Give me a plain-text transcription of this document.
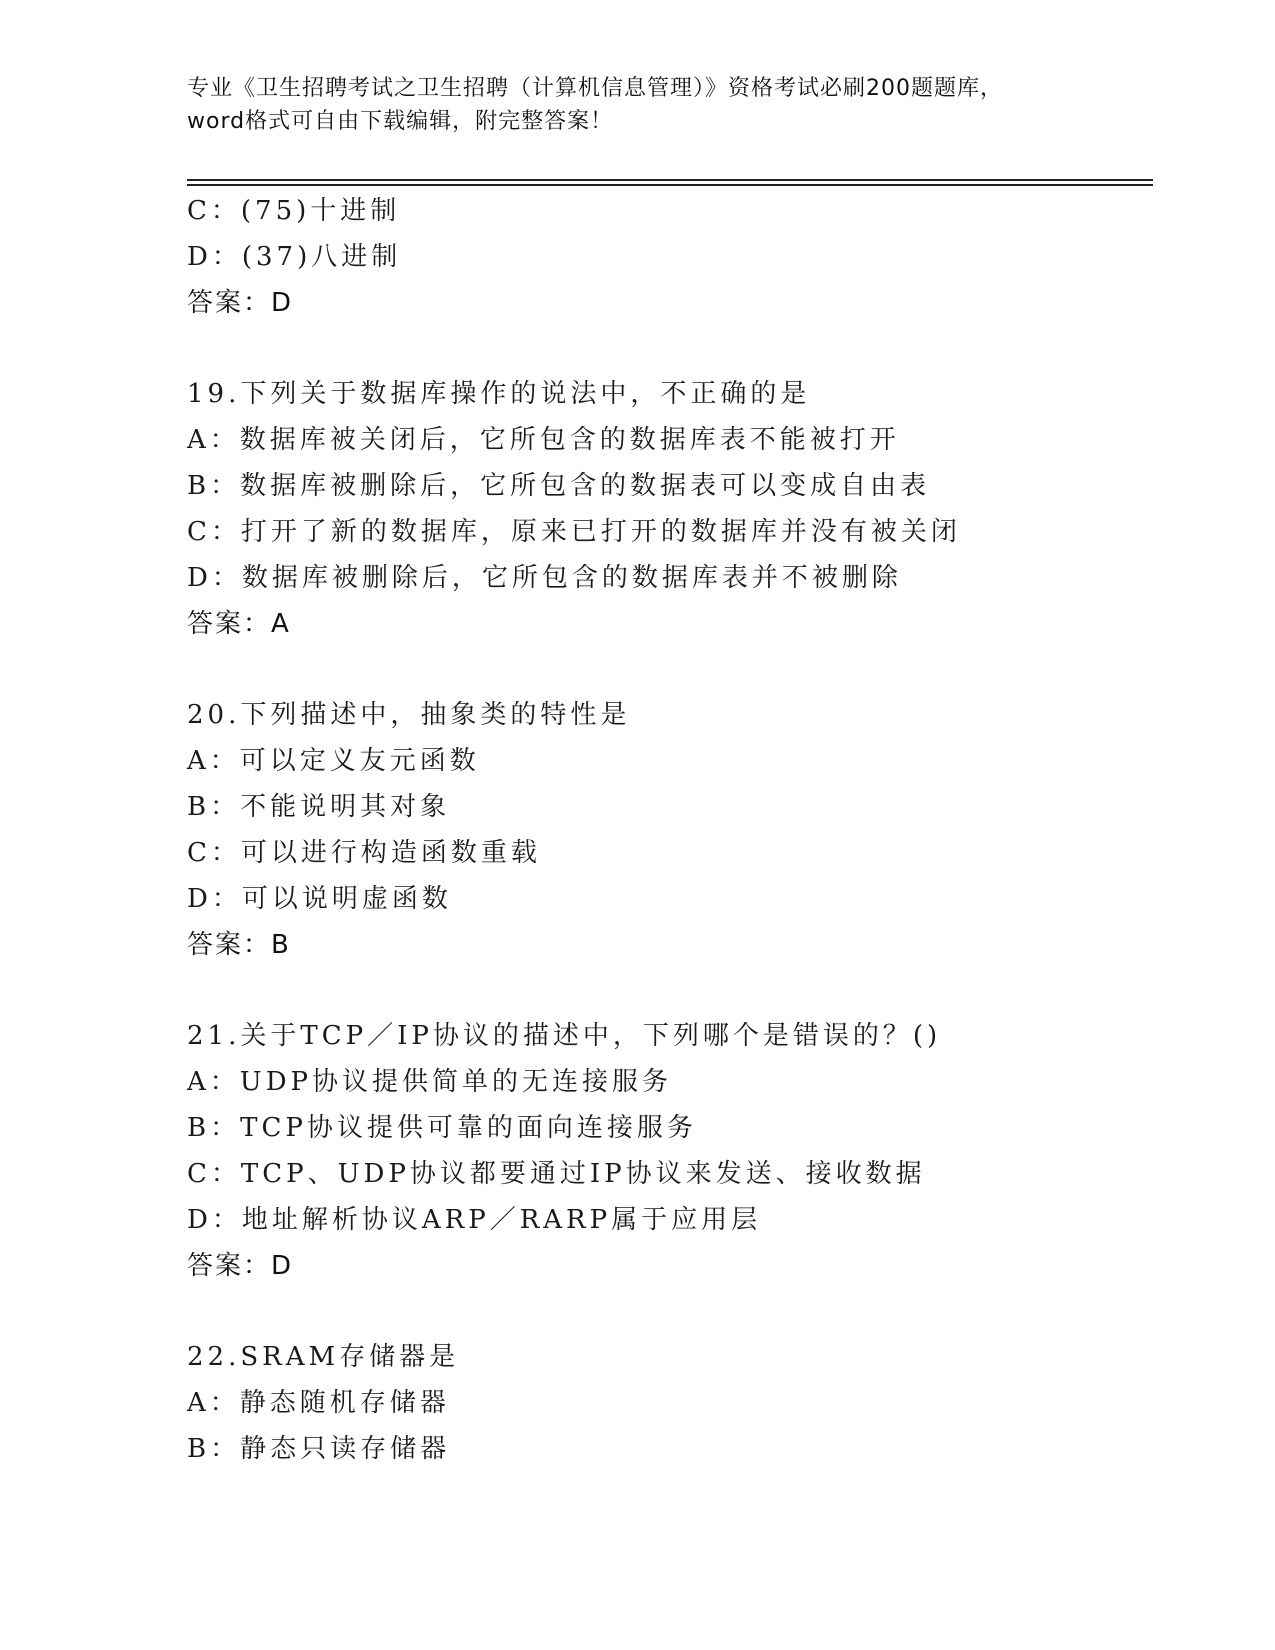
专业《卫生招聘考试之卫生招聘（计算机信息管理）》资格考试必刷200题题库，
word格式可自由下载编辑，附完整答案！
C：(75)十进制
D：(37)八进制
答案：D
19.下列关于数据库操作的说法中，不正确的是
A：数据库被关闭后，它所包含的数据库表不能被打开
B：数据库被删除后，它所包含的数据表可以变成自由表
C：打开了新的数据库，原来已打开的数据库并没有被关闭
D：数据库被删除后，它所包含的数据库表并不被删除
答案：A
20.下列描述中，抽象类的特性是
A：可以定义友元函数
B：不能说明其对象
C：可以进行构造函数重载
D：可以说明虚函数
答案：B
21.关于TCP／IP协议的描述中，下列哪个是错误的？()
A：UDP协议提供简单的无连接服务
B：TCP协议提供可靠的面向连接服务
C：TCP、UDP协议都要通过IP协议来发送、接收数据
D：地址解析协议ARP／RARP属于应用层
答案：D
22.SRAM存储器是
A：静态随机存储器
B：静态只读存储器
